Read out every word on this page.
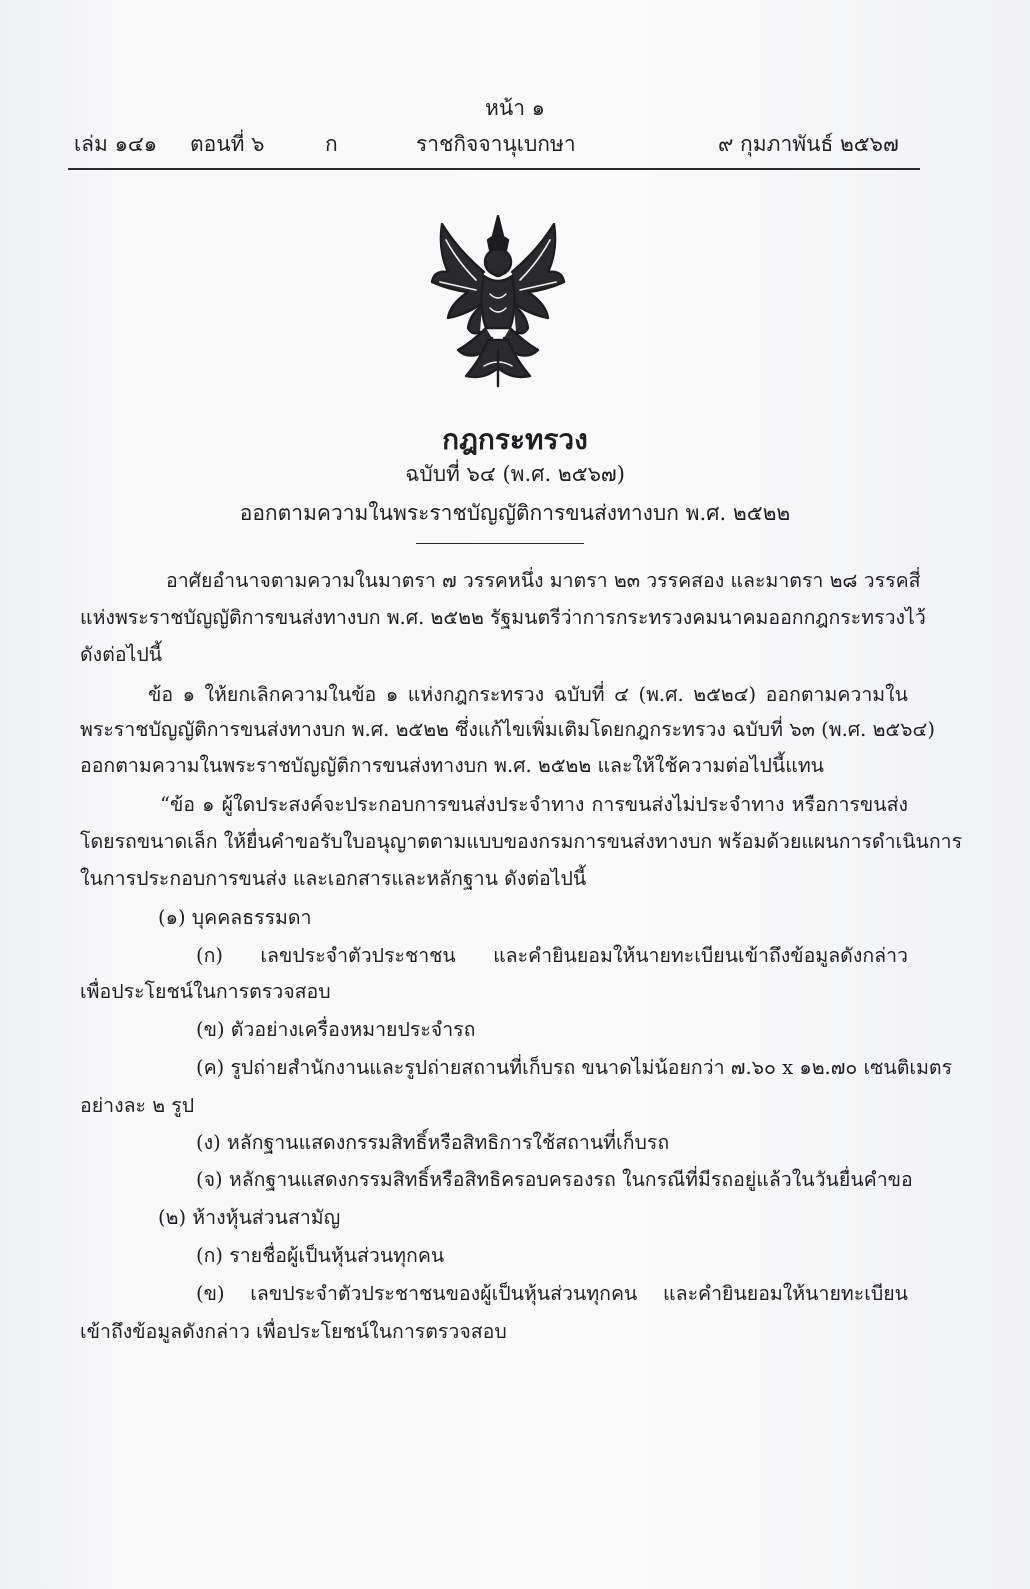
หน้า ๑
เล่ม ๑๔๑ ตอนที่ ๖	ก	ราชกิจจานุเบกษา	๙ กุมภาพันธ์ ๒๕๖๗
กฎกระทรวง
ฉบับที่ ๖๔ (พ.ศ. ๒๕๖๗)
ออกตามความในพระราชบัญญัติการขนส่งทางบก พ.ศ. ๒๕๒๒
อาศัยอำนาจตามความในมาตรา ๗ วรรคหนึ่ง มาตรา ๒๓ วรรคสอง และมาตรา ๒๘ วรรคสี่
แห่งพระราชบัญญัติการขนส่งทางบก พ.ศ. ๒๕๒๒ รัฐมนตรีว่าการกระทรวงคมนาคมออกกฎกระทรวงไว้
ดังต่อไปนี้
ข้อ ๑ ให้ยกเลิกความในข้อ ๑ แห่งกฎกระทรวง ฉบับที่ ๔ (พ.ศ. ๒๕๒๔) ออกตามความใน
พระราชบัญญัติการขนส่งทางบก พ.ศ. ๒๕๒๒ ซึ่งแก้ไขเพิ่มเติมโดยกฎกระทรวง ฉบับที่ ๖๓ (พ.ศ. ๒๕๖๔)
ออกตามความในพระราชบัญญัติการขนส่งทางบก พ.ศ. ๒๕๒๒ และให้ใช้ความต่อไปนี้แทน
“ข้อ ๑ ผู้ใดประสงค์จะประกอบการขนส่งประจำทาง การขนส่งไม่ประจำทาง หรือการขนส่ง
โดยรถขนาดเล็ก ให้ยื่นคำขอรับใบอนุญาตตามแบบของกรมการขนส่งทางบก พร้อมด้วยแผนการดำเนินการ
ในการประกอบการขนส่ง และเอกสารและหลักฐาน ดังต่อไปนี้
(๑) บุคคลธรรมดา
(ก) เลขประจำตัวประชาชน และคำยินยอมให้นายทะเบียนเข้าถึงข้อมูลดังกล่าว
เพื่อประโยชน์ในการตรวจสอบ
(ข) ตัวอย่างเครื่องหมายประจำรถ
(ค) รูปถ่ายสำนักงานและรูปถ่ายสถานที่เก็บรถ ขนาดไม่น้อยกว่า ๗.๖๐ x ๑๒.๗๐ เซนติเมตร
อย่างละ ๒ รูป
(ง) หลักฐานแสดงกรรมสิทธิ์หรือสิทธิการใช้สถานที่เก็บรถ
(จ) หลักฐานแสดงกรรมสิทธิ์หรือสิทธิครอบครองรถ ในกรณีที่มีรถอยู่แล้วในวันยื่นคำขอ
(๒) ห้างหุ้นส่วนสามัญ
(ก) รายชื่อผู้เป็นหุ้นส่วนทุกคน
(ข) เลขประจำตัวประชาชนของผู้เป็นหุ้นส่วนทุกคน และคำยินยอมให้นายทะเบียน
เข้าถึงข้อมูลดังกล่าว เพื่อประโยชน์ในการตรวจสอบ
